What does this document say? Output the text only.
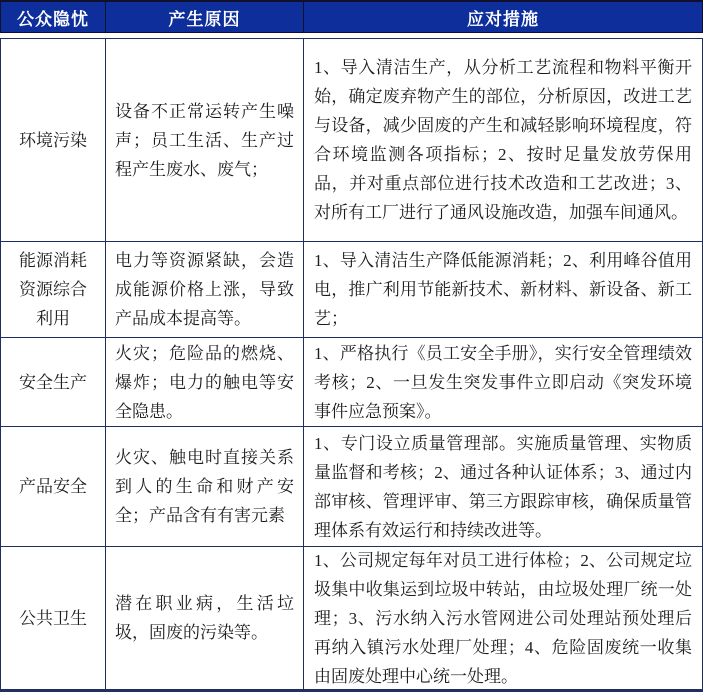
公众隐忧	产生原因	应对措施
环境污染
设备不正常运转产生噪声；员工生活、生产过程产生废水、废气；
1、导入清洁生产，从分析工艺流程和物料平衡开始，确定废弃物产生的部位，分析原因，改进工艺与设备，减少固废的产生和减轻影响环境程度，符合环境监测各项指标；2、按时足量发放劳保用品，并对重点部位进行技术改造和工艺改进；3、对所有工厂进行了通风设施改造，加强车间通风。
能源消耗资源综合利用
电力等资源紧缺，会造成能源价格上涨，导致产品成本提高等。
1、导入清洁生产降低能源消耗；2、利用峰谷值用电，推广利用节能新技术、新材料、新设备、新工艺；
安全生产
火灾；危险品的燃烧、爆炸；电力的触电等安全隐患。
1、严格执行《员工安全手册》，实行安全管理绩效考核；2、一旦发生突发事件立即启动《突发环境事件应急预案》。
产品安全
火灾、触电时直接关系到人的生命和财产安全；产品含有有害元素
1、专门设立质量管理部。实施质量管理、实物质量监督和考核；2、通过各种认证体系；3、通过内部审核、管理评审、第三方跟踪审核，确保质量管理体系有效运行和持续改进等。
公共卫生
潜在职业病，生活垃圾，固废的污染等。
1、公司规定每年对员工进行体检；2、公司规定垃圾集中收集运到垃圾中转站，由垃圾处理厂统一处理；3、污水纳入污水管网进公司处理站预处理后再纳入镇污水处理厂处理；4、危险固废统一收集由固废处理中心统一处理。
